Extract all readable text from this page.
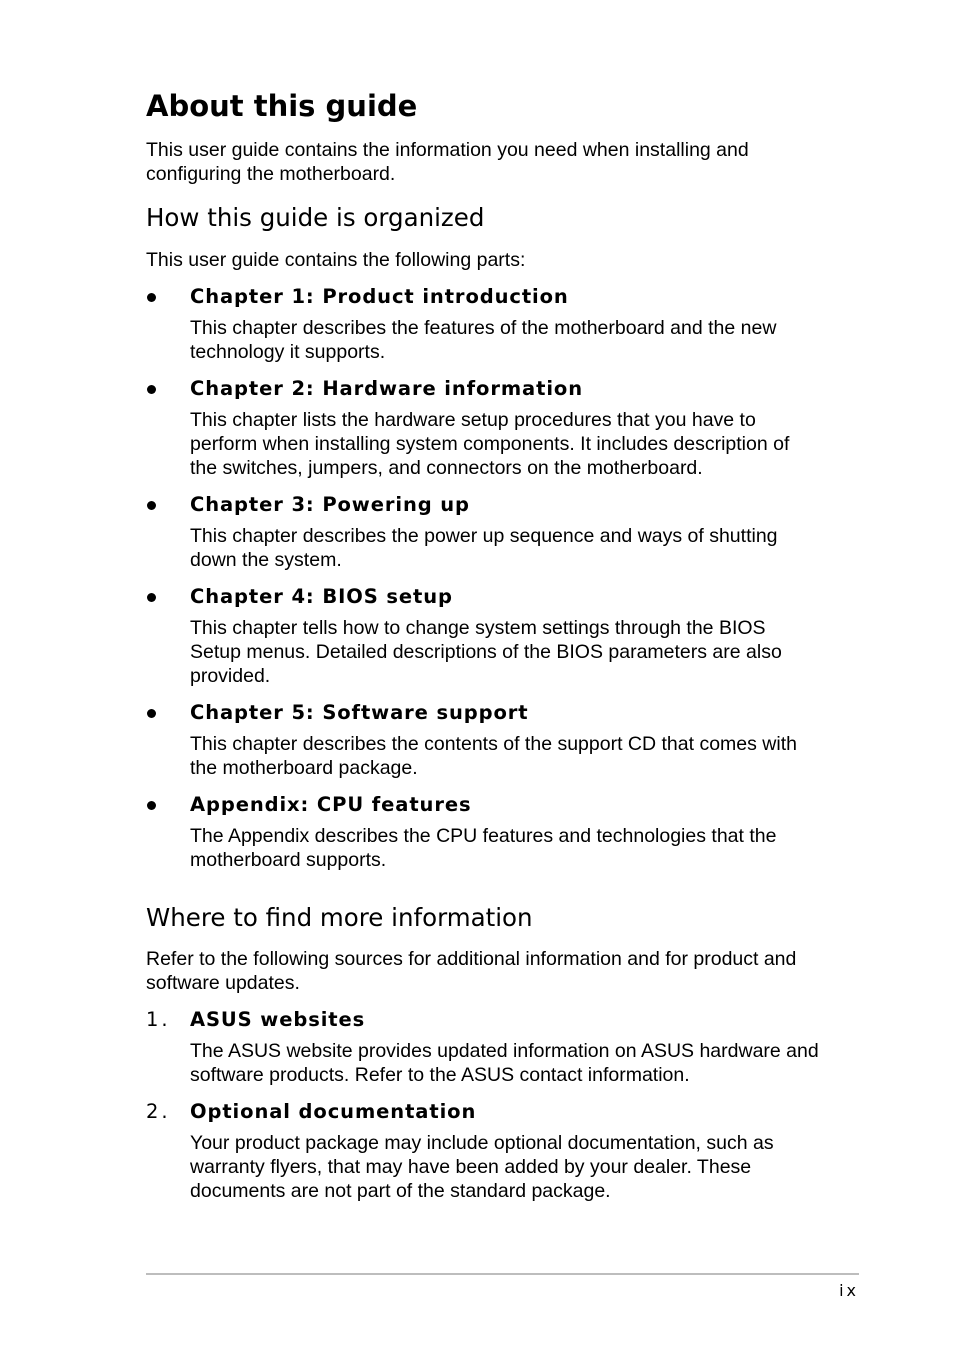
About this guide

This user guide contains the information you need when installing and configuring the motherboard.

How this guide is organized

This user guide contains the following parts:

Chapter 1: Product introduction

This chapter describes the features of the motherboard and the new technology it supports.

Chapter 2: Hardware information

This chapter lists the hardware setup procedures that you have to perform when installing system components. It includes description of the switches, jumpers, and connectors on the motherboard.

Chapter 3: Powering up

This chapter describes the power up sequence and ways of shutting down the system.

Chapter 4: BIOS setup

This chapter tells how to change system settings through the BIOS Setup menus. Detailed descriptions of the BIOS parameters are also provided.

Chapter 5: Software support

This chapter describes the contents of the support CD that comes with the motherboard package.

Appendix: CPU features

The Appendix describes the CPU features and technologies that the motherboard supports.

Where to find more information

Refer to the following sources for additional information and for product and software updates.

1. ASUS websites

The ASUS website provides updated information on ASUS hardware and software products. Refer to the ASUS contact information.

2. Optional documentation

Your product package may include optional documentation, such as warranty flyers, that may have been added by your dealer. These documents are not part of the standard package.

ix
